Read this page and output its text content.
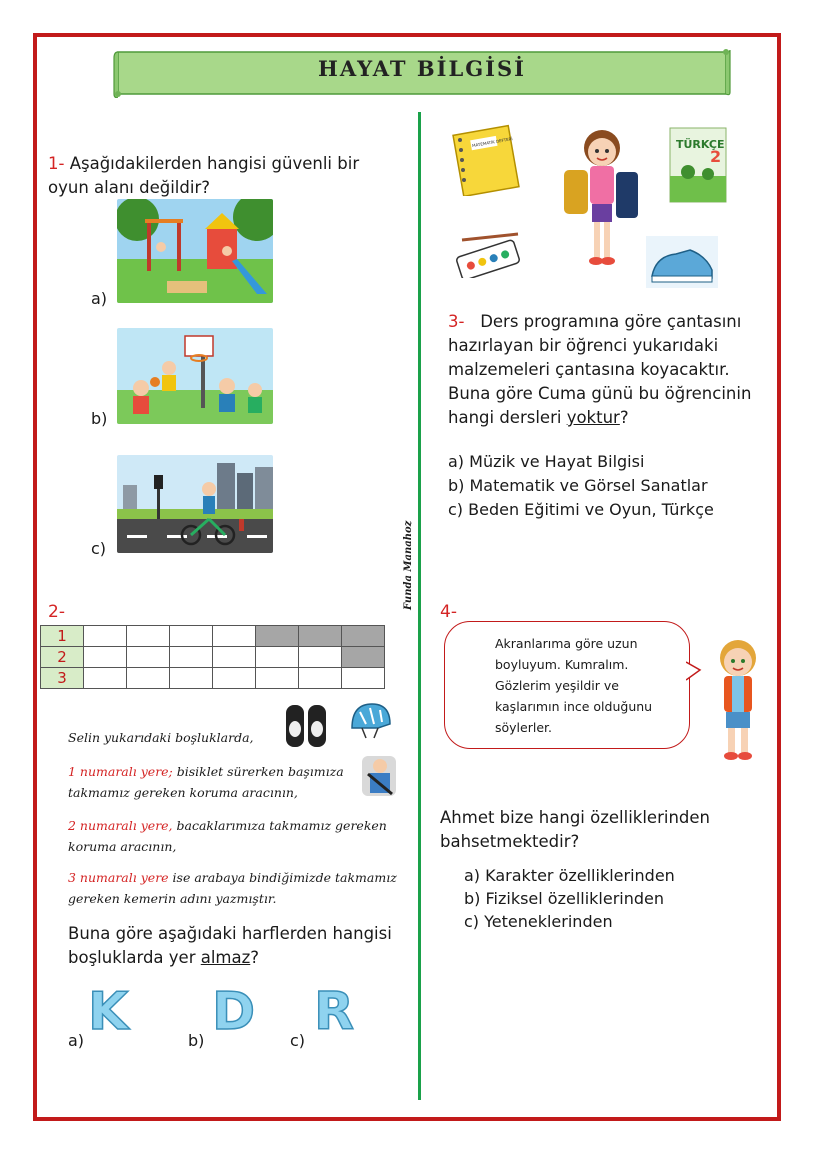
HAYAT BİLGİSİ
Funda Manahoz
1- Aşağıdakilerden hangisi güvenli bir oyun alanı değildir?
a)
b)
c)
2-
1							
2							
3							
Selin yukarıdaki boşluklarda,
1 numaralı yere; bisiklet sürerken başımıza takmamız gereken koruma aracının,
2 numaralı yere, bacaklarımıza takmamız gereken koruma aracının,
3 numaralı yere ise arabaya bindiğimizde takmamız gereken kemerin adını yazmıştır.
Buna göre aşağıdaki harflerden hangisi boşluklarda yer almaz?
a) K	b) D c) R
MATEMATİK DEFTERİ	TÜRKÇE
2
3- Ders programına göre çantasını hazırlayan bir öğrenci yukarıdaki malzemeleri çantasına koyacaktır. Buna göre Cuma günü bu öğrencinin hangi dersleri yoktur?
a) Müzik ve Hayat Bilgisi
b) Matematik ve Görsel Sanatlar
c) Beden Eğitimi ve Oyun, Türkçe
4-
Akranlarıma göre uzun boyluyum. Kumralım. Gözlerim yeşildir ve kaşlarımın ince olduğunu söylerler.
Ahmet bize hangi özelliklerinden bahsetmektedir?
a) Karakter özelliklerinden
b) Fiziksel özelliklerinden
c) Yeteneklerinden
